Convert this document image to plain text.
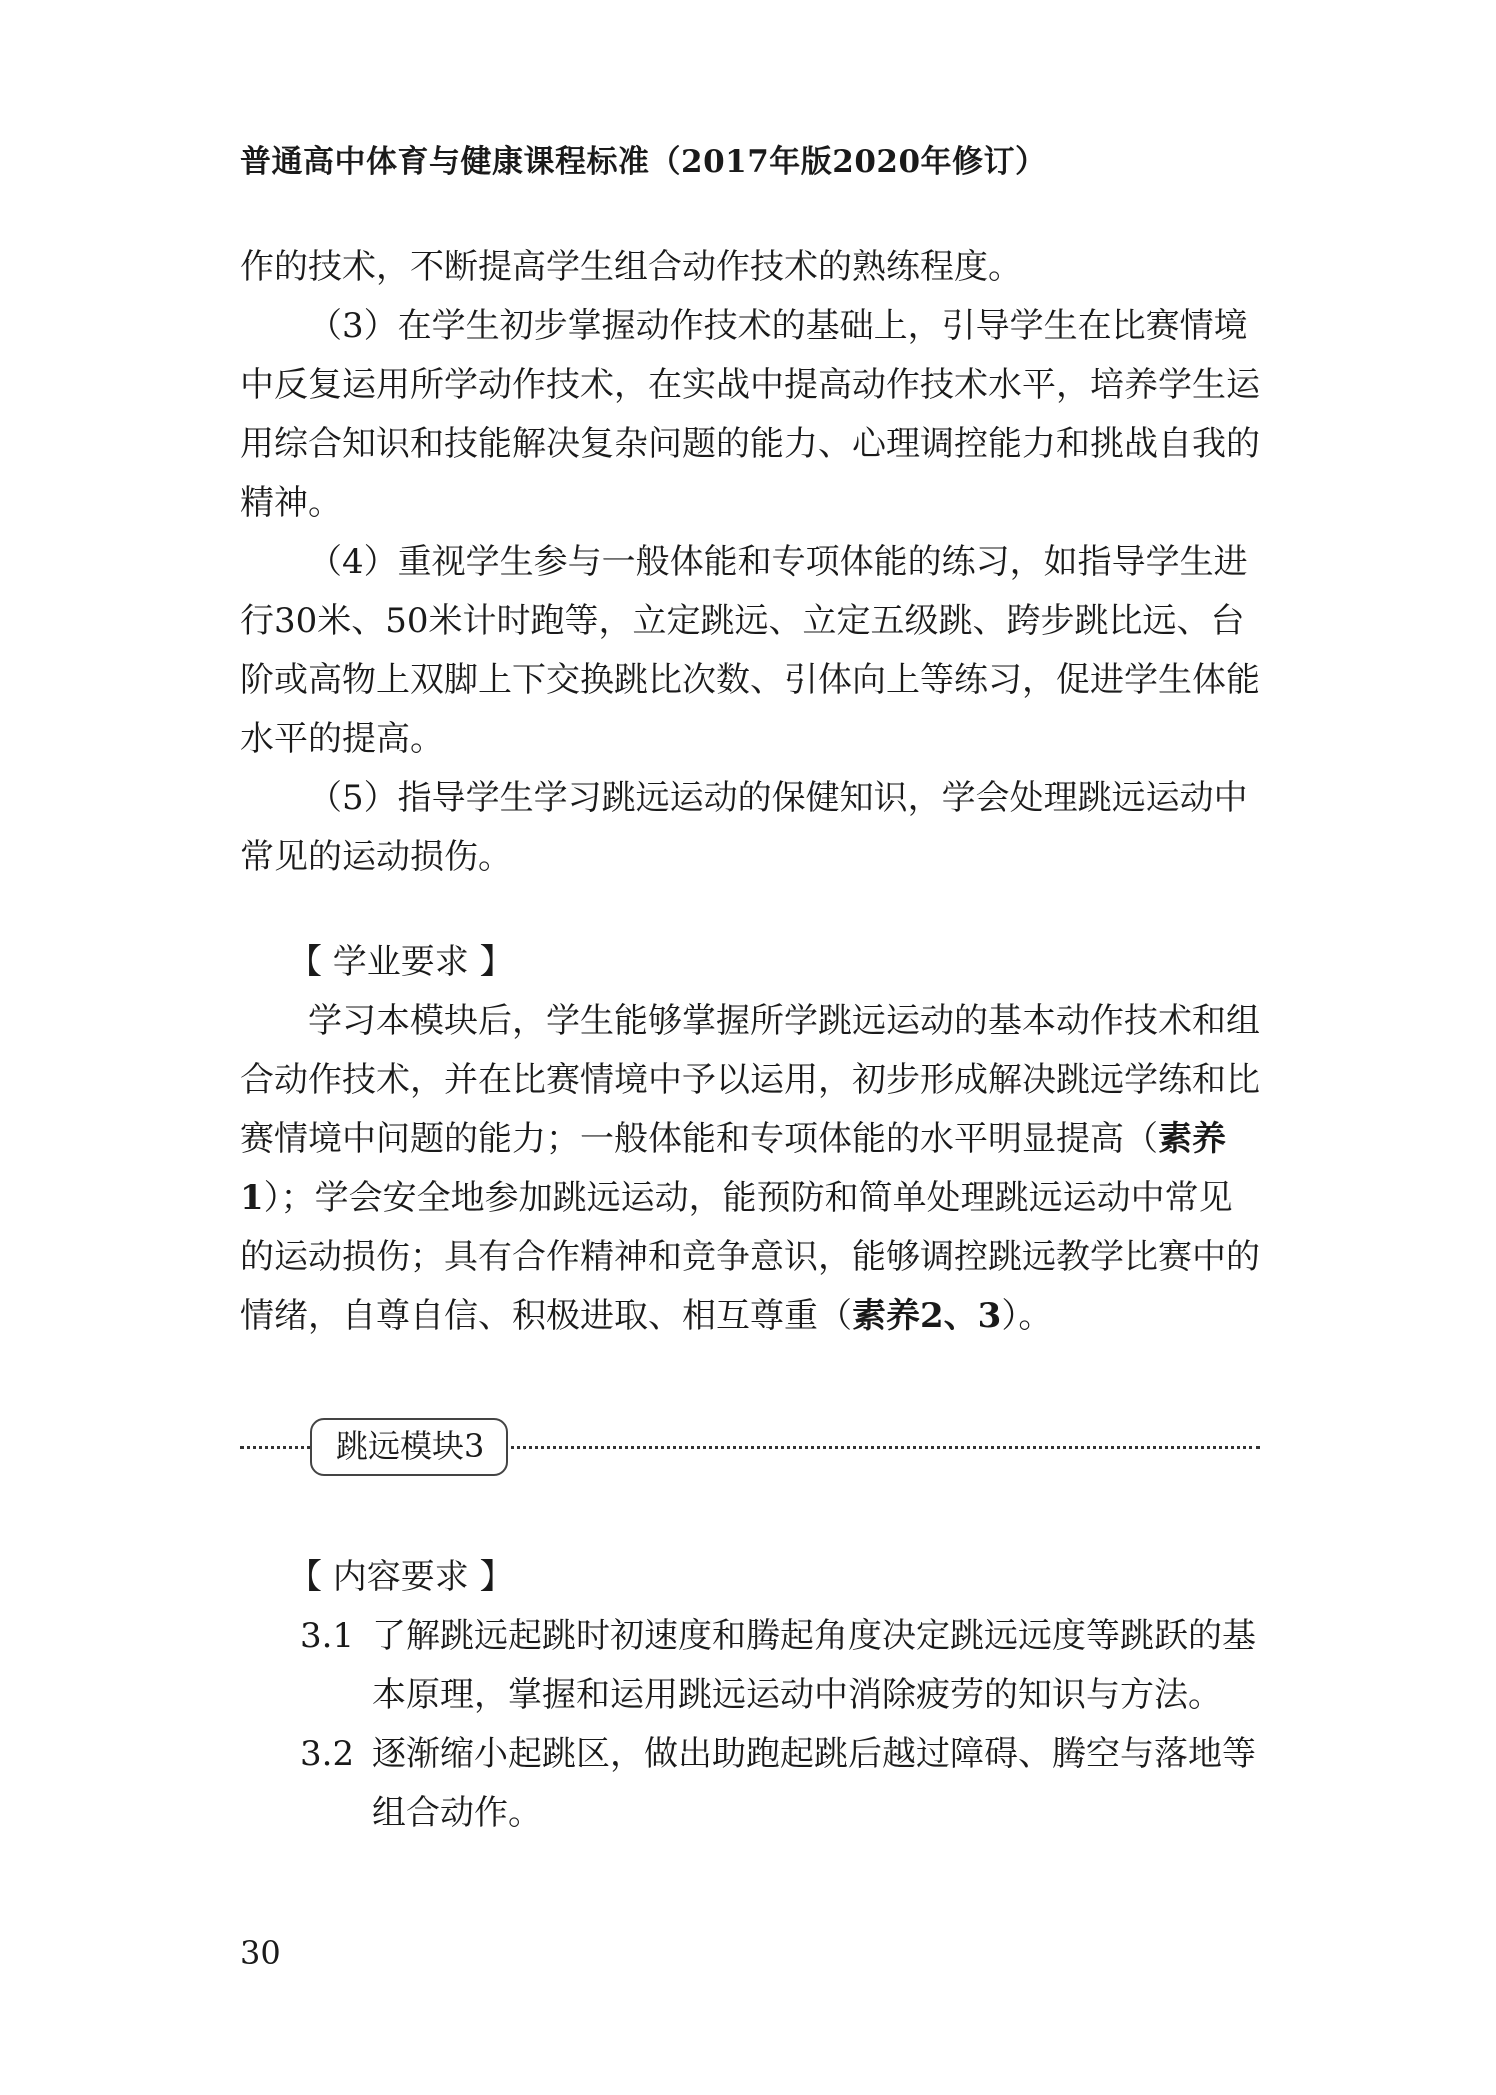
普通高中体育与健康课程标准（2017年版2020年修订）

作的技术，不断提高学生组合动作技术的熟练程度。

（3）在学生初步掌握动作技术的基础上，引导学生在比赛情境中反复运用所学动作技术，在实战中提高动作技术水平，培养学生运用综合知识和技能解决复杂问题的能力、心理调控能力和挑战自我的精神。

（4）重视学生参与一般体能和专项体能的练习，如指导学生进行30米、50米计时跑等，立定跳远、立定五级跳、跨步跳比远、台阶或高物上双脚上下交换跳比次数、引体向上等练习，促进学生体能水平的提高。

（5）指导学生学习跳远运动的保健知识，学会处理跳远运动中常见的运动损伤。

【 学业要求 】

学习本模块后，学生能够掌握所学跳远运动的基本动作技术和组合动作技术，并在比赛情境中予以运用，初步形成解决跳远学练和比赛情境中问题的能力；一般体能和专项体能的水平明显提高（素养1）；学会安全地参加跳远运动，能预防和简单处理跳远运动中常见的运动损伤；具有合作精神和竞争意识，能够调控跳远教学比赛中的情绪，自尊自信、积极进取、相互尊重（素养2、3）。

跳远模块3

【 内容要求 】

3.1 了解跳远起跳时初速度和腾起角度决定跳远远度等跳跃的基本原理，掌握和运用跳远运动中消除疲劳的知识与方法。
3.2 逐渐缩小起跳区，做出助跑起跳后越过障碍、腾空与落地等组合动作。
30
